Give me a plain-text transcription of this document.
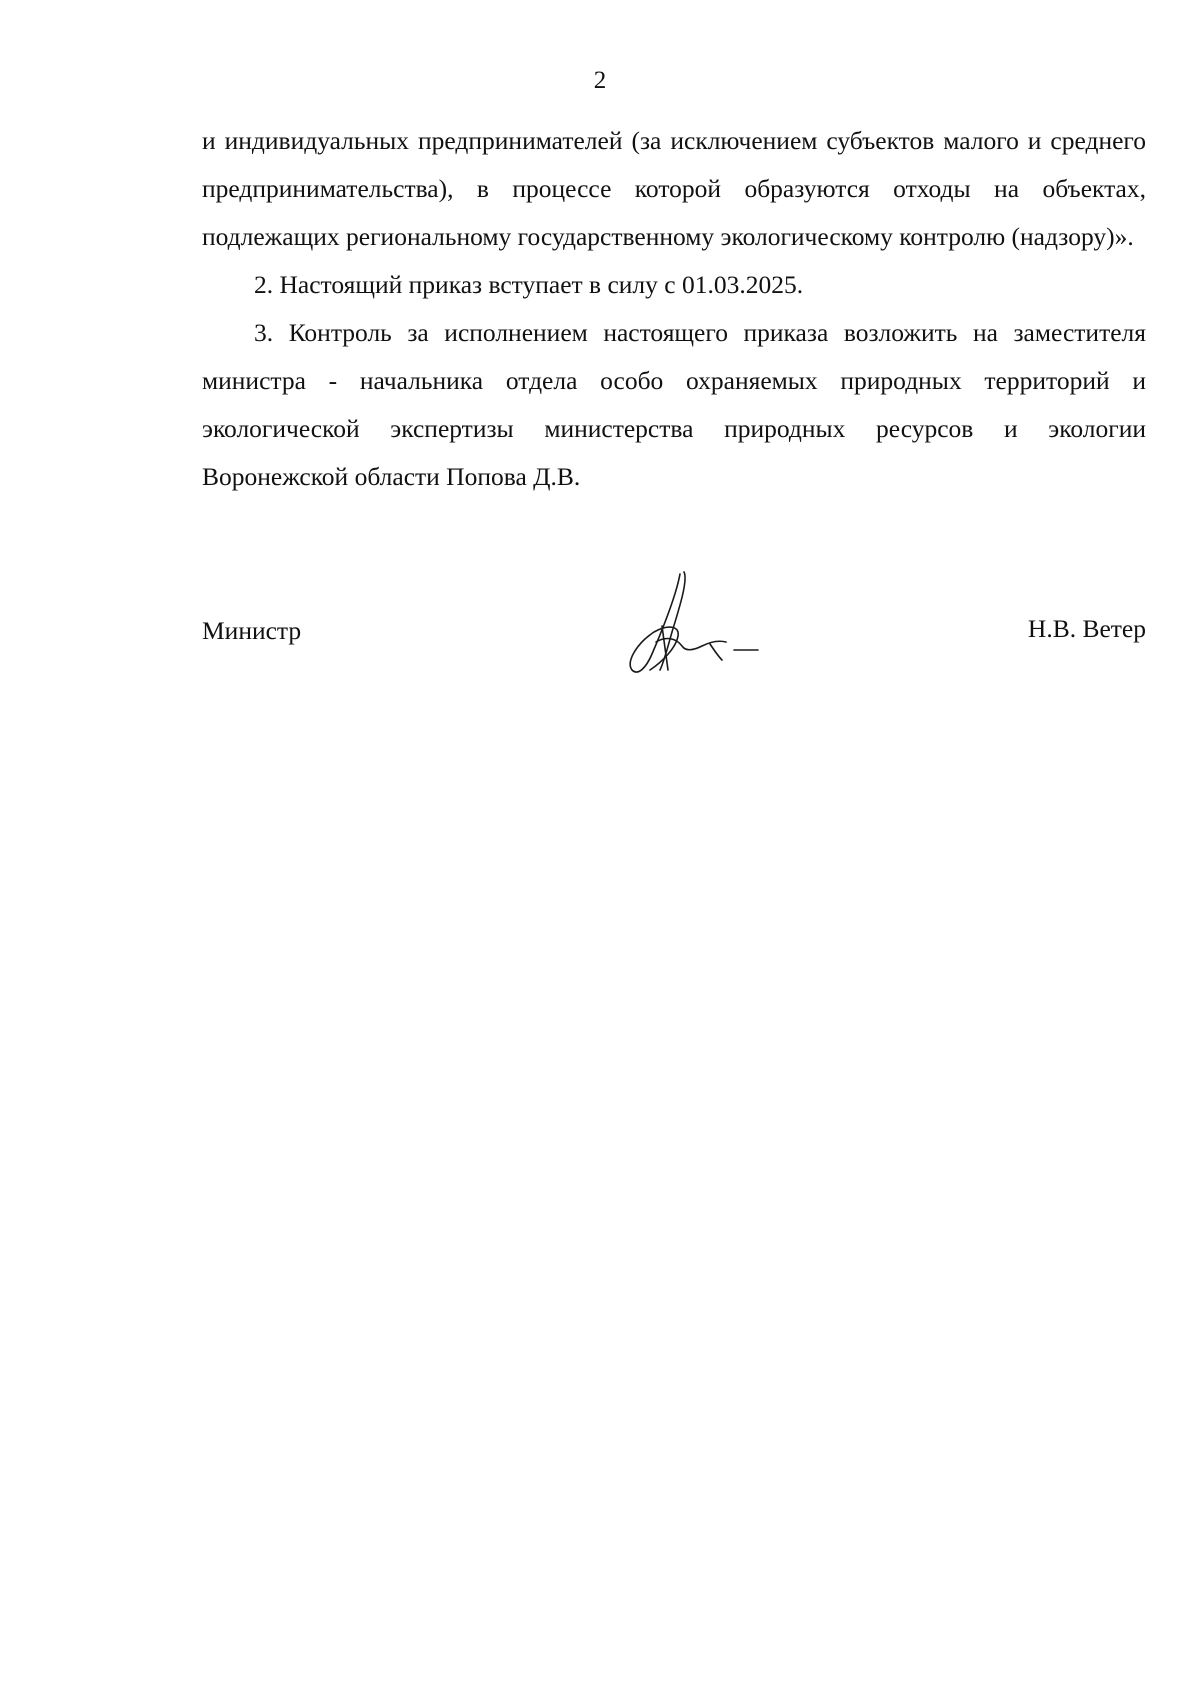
2

и индивидуальных предпринимателей (за исключением субъектов малого и среднего предпринимательства), в процессе которой образуются отходы на объектах, подлежащих региональному государственному экологическому контролю (надзору)».

2. Настоящий приказ вступает в силу с 01.03.2025.

3. Контроль за исполнением настоящего приказа возложить на заместителя министра - начальника отдела особо охраняемых природных территорий и экологической экспертизы министерства природных ресурсов и экологии Воронежской области Попова Д.В.

Министр	Н.В. Ветер
